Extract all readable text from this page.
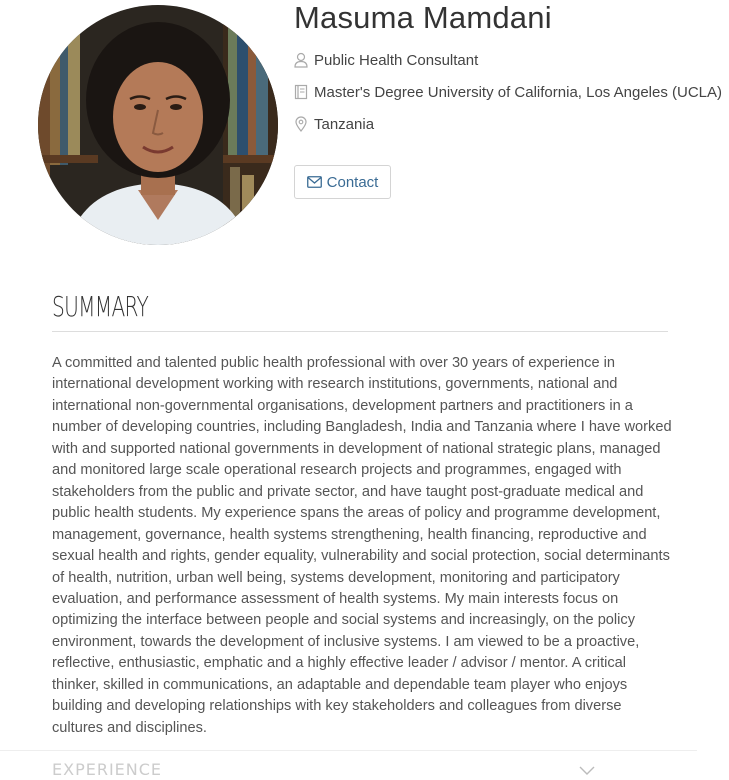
Masuma Mamdani
Public Health Consultant
Master's Degree University of California, Los Angeles (UCLA)
Tanzania
Contact
SUMMARY

A committed and talented public health professional with over 30 years of experience in international development working with research institutions, governments, national and international non-governmental organisations, development partners and practitioners in a number of developing countries, including Bangladesh, India and Tanzania where I have worked with and supported national governments in development of national strategic plans, managed and monitored large scale operational research projects and programmes, engaged with stakeholders from the public and private sector, and have taught post-graduate medical and public health students. My experience spans the areas of policy and programme development, management, governance, health systems strengthening, health financing, reproductive and sexual health and rights, gender equality, vulnerability and social protection, social determinants of health, nutrition, urban well being, systems development, monitoring and participatory evaluation, and performance assessment of health systems. My main interests focus on optimizing the interface between people and social systems and increasingly, on the policy environment, towards the development of inclusive systems. I am viewed to be a proactive, reflective, enthusiastic, emphatic and a highly effective leader / advisor / mentor. A critical thinker, skilled in communications, an adaptable and dependable team player who enjoys building and developing relationships with key stakeholders and colleagues from diverse cultures and disciplines.

EXPERIENCE
